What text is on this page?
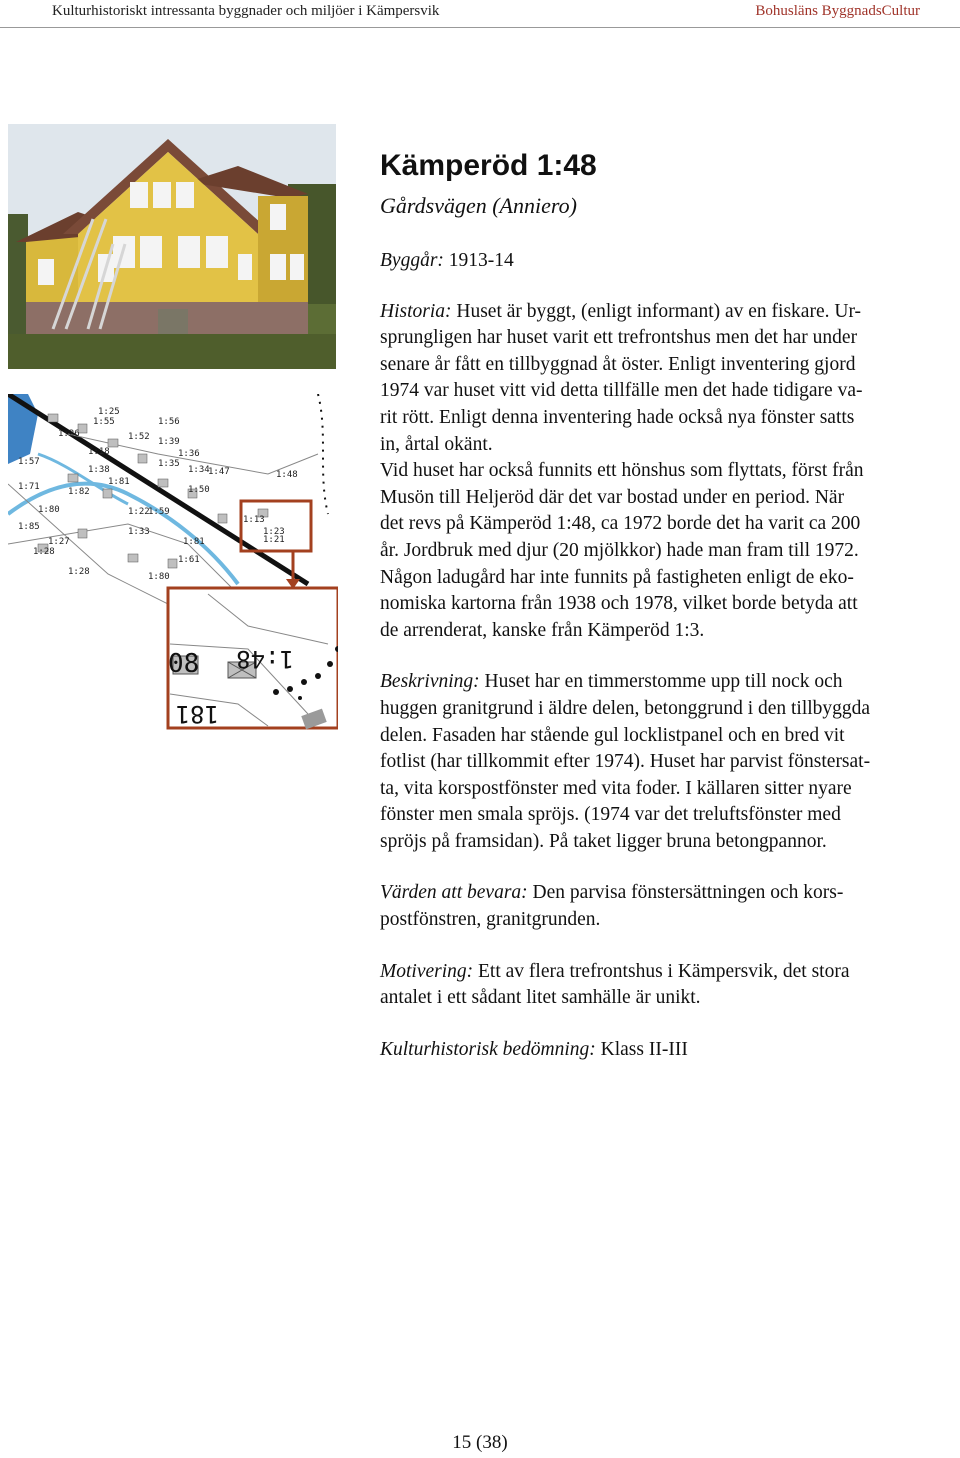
Kulturhistoriskt intressanta byggnader och miljöer i Kämpersvik	Bohusläns ByggnadsCultur
1:56
1:52
1:55
1:26
1:18
1:38
1:39
1:35
1:36
1:34	1:48
1:81
1:82
1:80
1:85
1:27
1:61
1:80
1:81
1:47
1:22
1:50
1:28
1:57
1:28
1:13
1:23
1:21
1:33
1:71
1:59
1:25
08 1:48
181
Kämperöd 1:48
Gårdsvägen (Anniero)
Byggår: 1913-14
Historia: Huset är byggt, (enligt informant) av en fiskare. Ur-
sprungligen har huset varit ett trefrontshus men det har under
senare år fått en tillbyggnad åt öster. Enligt inventering gjord
1974 var huset vitt vid detta tillfälle men det hade tidigare va-
rit rött. Enligt denna inventering hade också nya fönster satts
in, årtal okänt.
Vid huset har också funnits ett hönshus som flyttats, först från
Musön till Heljeröd där det var bostad under en period. När
det revs på Kämperöd 1:48, ca 1972 borde det ha varit ca 200
år. Jordbruk med djur (20 mjölkkor) hade man fram till 1972.
Någon ladugård har inte funnits på fastigheten enligt de eko-
nomiska kartorna från 1938 och 1978, vilket borde betyda att
de arrenderat, kanske från Kämperöd 1:3.
Beskrivning: Huset har en timmerstomme upp till nock och
huggen granitgrund i äldre delen, betonggrund i den tillbyggda
delen. Fasaden har stående gul locklistpanel och en bred vit
fotlist (har tillkommit efter 1974). Huset har parvist fönstersat-
ta, vita korspostfönster med vita foder. I källaren sitter nyare
fönster men smala spröjs. (1974 var det treluftsfönster med
spröjs på framsidan). På taket ligger bruna betongpannor.
Värden att bevara: Den parvisa fönstersättningen och kors-
postfönstren, granitgrunden.
Motivering: Ett av flera trefrontshus i Kämpersvik, det stora
antalet i ett sådant litet samhälle är unikt.
Kulturhistorisk bedömning: Klass II-III
15 (38)
